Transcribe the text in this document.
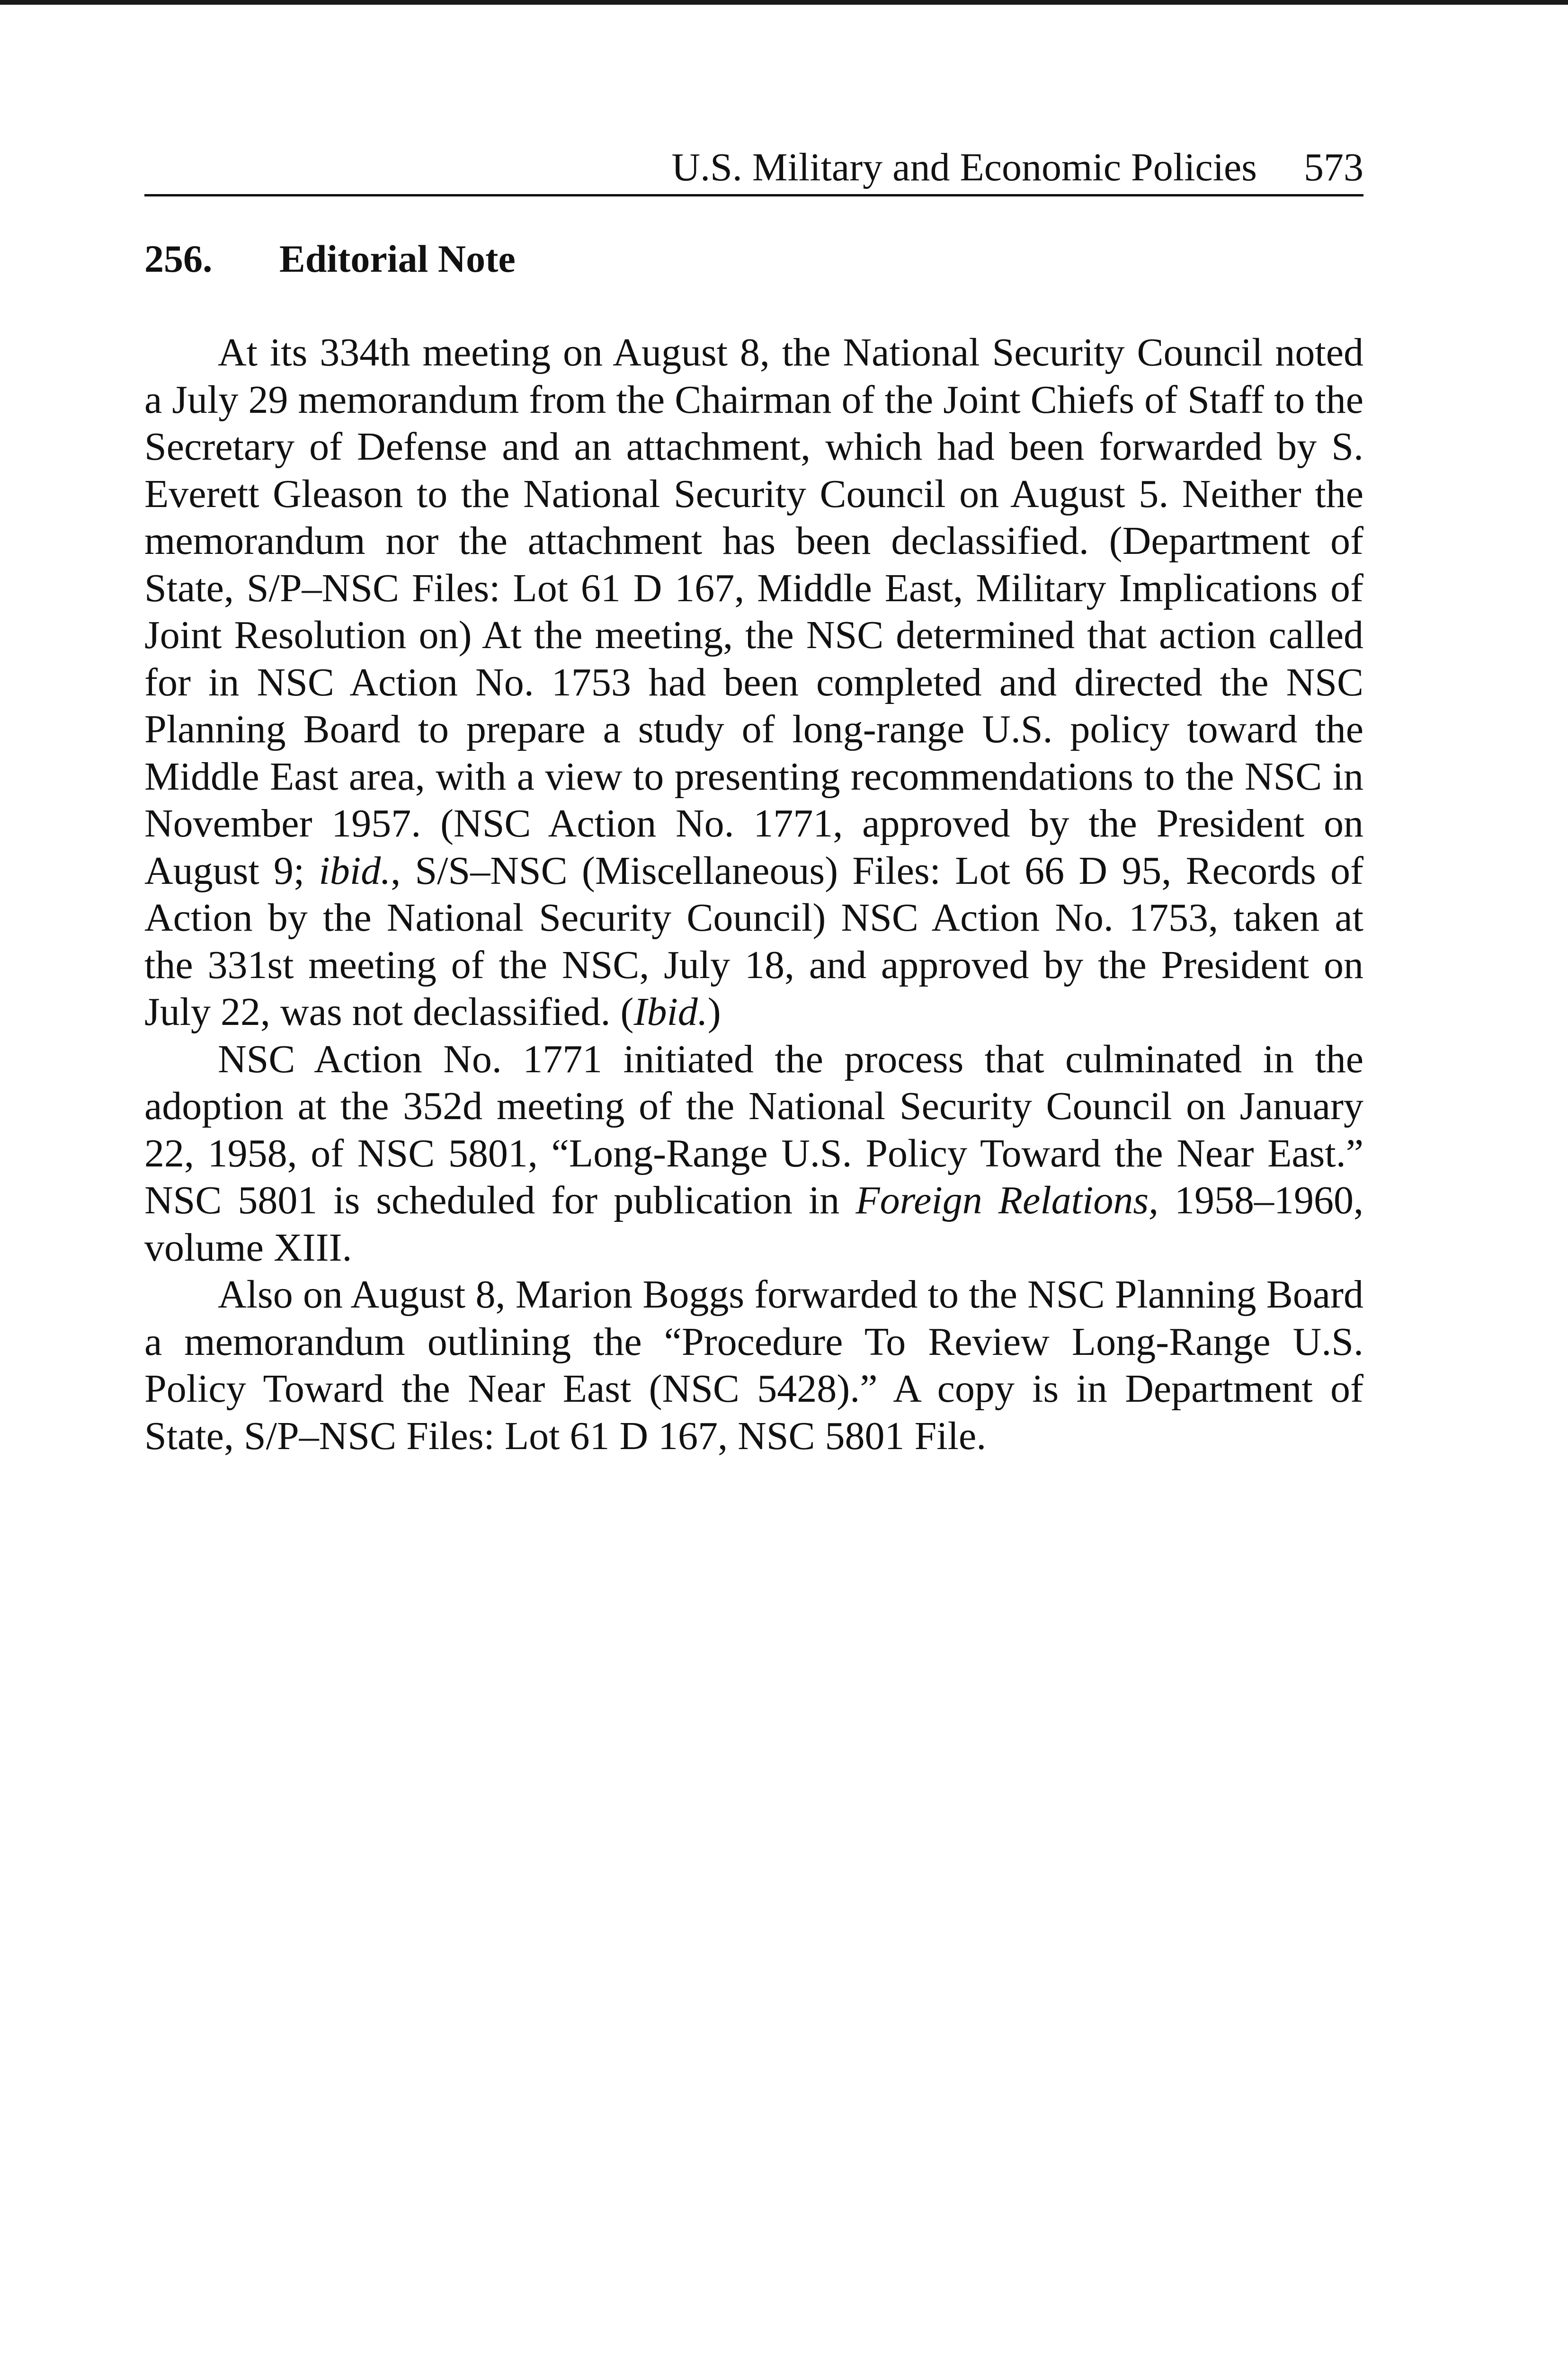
U.S. Military and Economic Policies 573
256. Editorial Note

At its 334th meeting on August 8, the National Security Council noted a July 29 memorandum from the Chairman of the Joint Chiefs of Staff to the Secretary of Defense and an attachment, which had been forwarded by S. Everett Gleason to the National Security Council on August 5. Neither the memorandum nor the attachment has been declassified. (Department of State, S/P–NSC Files: Lot 61 D 167, Middle East, Military Implications of Joint Resolution on) At the meeting, the NSC determined that action called for in NSC Action No. 1753 had been completed and directed the NSC Planning Board to prepare a study of long-range U.S. policy toward the Middle East area, with a view to presenting recommendations to the NSC in November 1957. (NSC Action No. 1771, approved by the President on August 9; ibid., S/S–NSC (Miscellaneous) Files: Lot 66 D 95, Records of Action by the National Security Council) NSC Action No. 1753, taken at the 331st meeting of the NSC, July 18, and approved by the President on July 22, was not declassified. (Ibid.)

NSC Action No. 1771 initiated the process that culminated in the adoption at the 352d meeting of the National Security Council on January 22, 1958, of NSC 5801, “Long-Range U.S. Policy Toward the Near East.” NSC 5801 is scheduled for publication in Foreign Relations, 1958–1960, volume XIII.

Also on August 8, Marion Boggs forwarded to the NSC Planning Board a memorandum outlining the “Procedure To Review Long-Range U.S. Policy Toward the Near East (NSC 5428).” A copy is in Department of State, S/P–NSC Files: Lot 61 D 167, NSC 5801 File.
